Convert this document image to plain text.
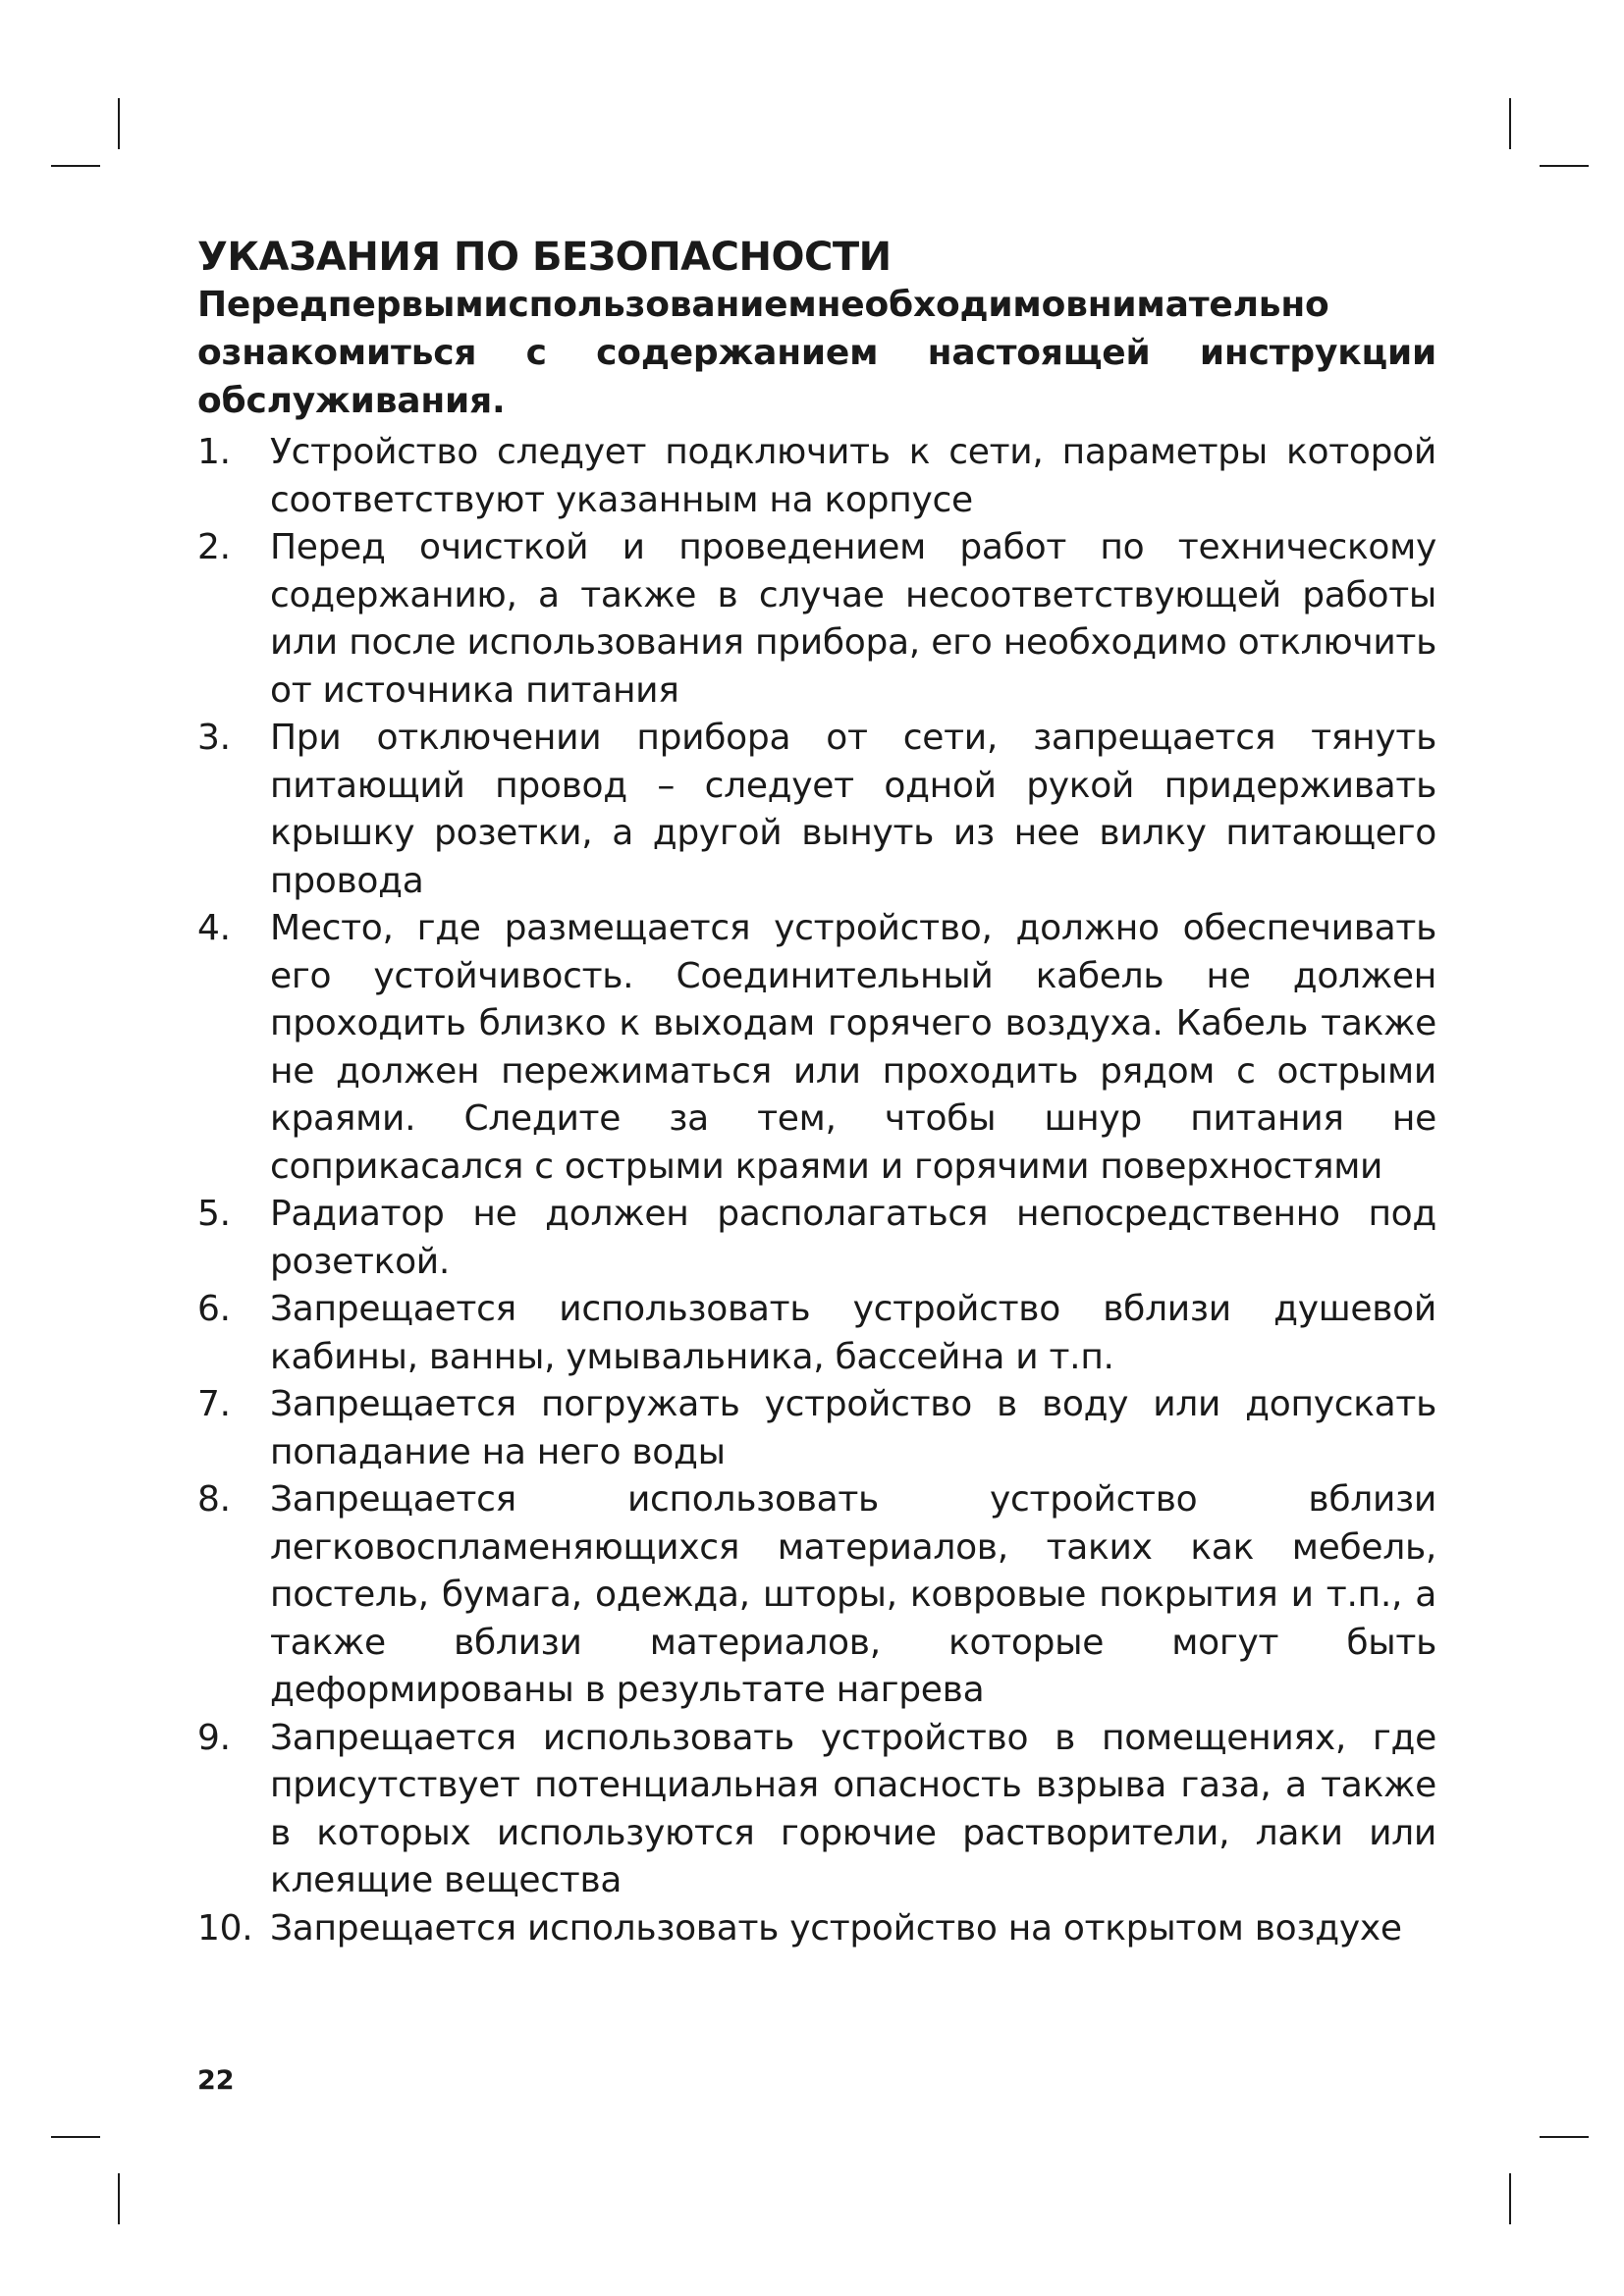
УКАЗАНИЯ ПО БЕЗОПАСНОСТИ

Передпервымиспользованиемнеобходимовнимательно ознакомиться с содержанием настоящей инструкции обслуживания.

1. Устройство следует подключить к сети, параметры которой соответствуют указанным на корпусе
2. Перед очисткой и проведением работ по техническому содержанию, а также в случае несоответствующей работы или после использования прибора, его необходимо отключить от источника питания
3. При отключении прибора от сети, запрещается тянуть питающий провод – следует одной рукой придерживать крышку розетки, а другой вынуть из нее вилку питающего провода
4. Место, где размещается устройство, должно обеспечивать его устойчивость. Соединительный кабель не должен проходить близко к выходам горячего воздуха. Кабель также не должен пережиматься или проходить рядом с острыми краями. Следите за тем, чтобы шнур питания не соприкасался с острыми краями и горячими поверхностями
5. Радиатор не должен располагаться непосредственно под розеткой.
6. Запрещается использовать устройство вблизи душевой кабины, ванны, умывальника, бассейна и т.п.
7. Запрещается погружать устройство в воду или допускать попадание на него воды
8. Запрещается использовать устройство вблизи легковоспламеняющихся материалов, таких как мебель, постель, бумага, одежда, шторы, ковровые покрытия и т.п., а также вблизи материалов, которые могут быть деформированы в результате нагрева
9. Запрещается использовать устройство в помещениях, где присутствует потенциальная опасность взрыва газа, а также в которых используются горючие растворители, лаки или клеящие вещества
10. Запрещается использовать устройство на открытом воздухе
22
